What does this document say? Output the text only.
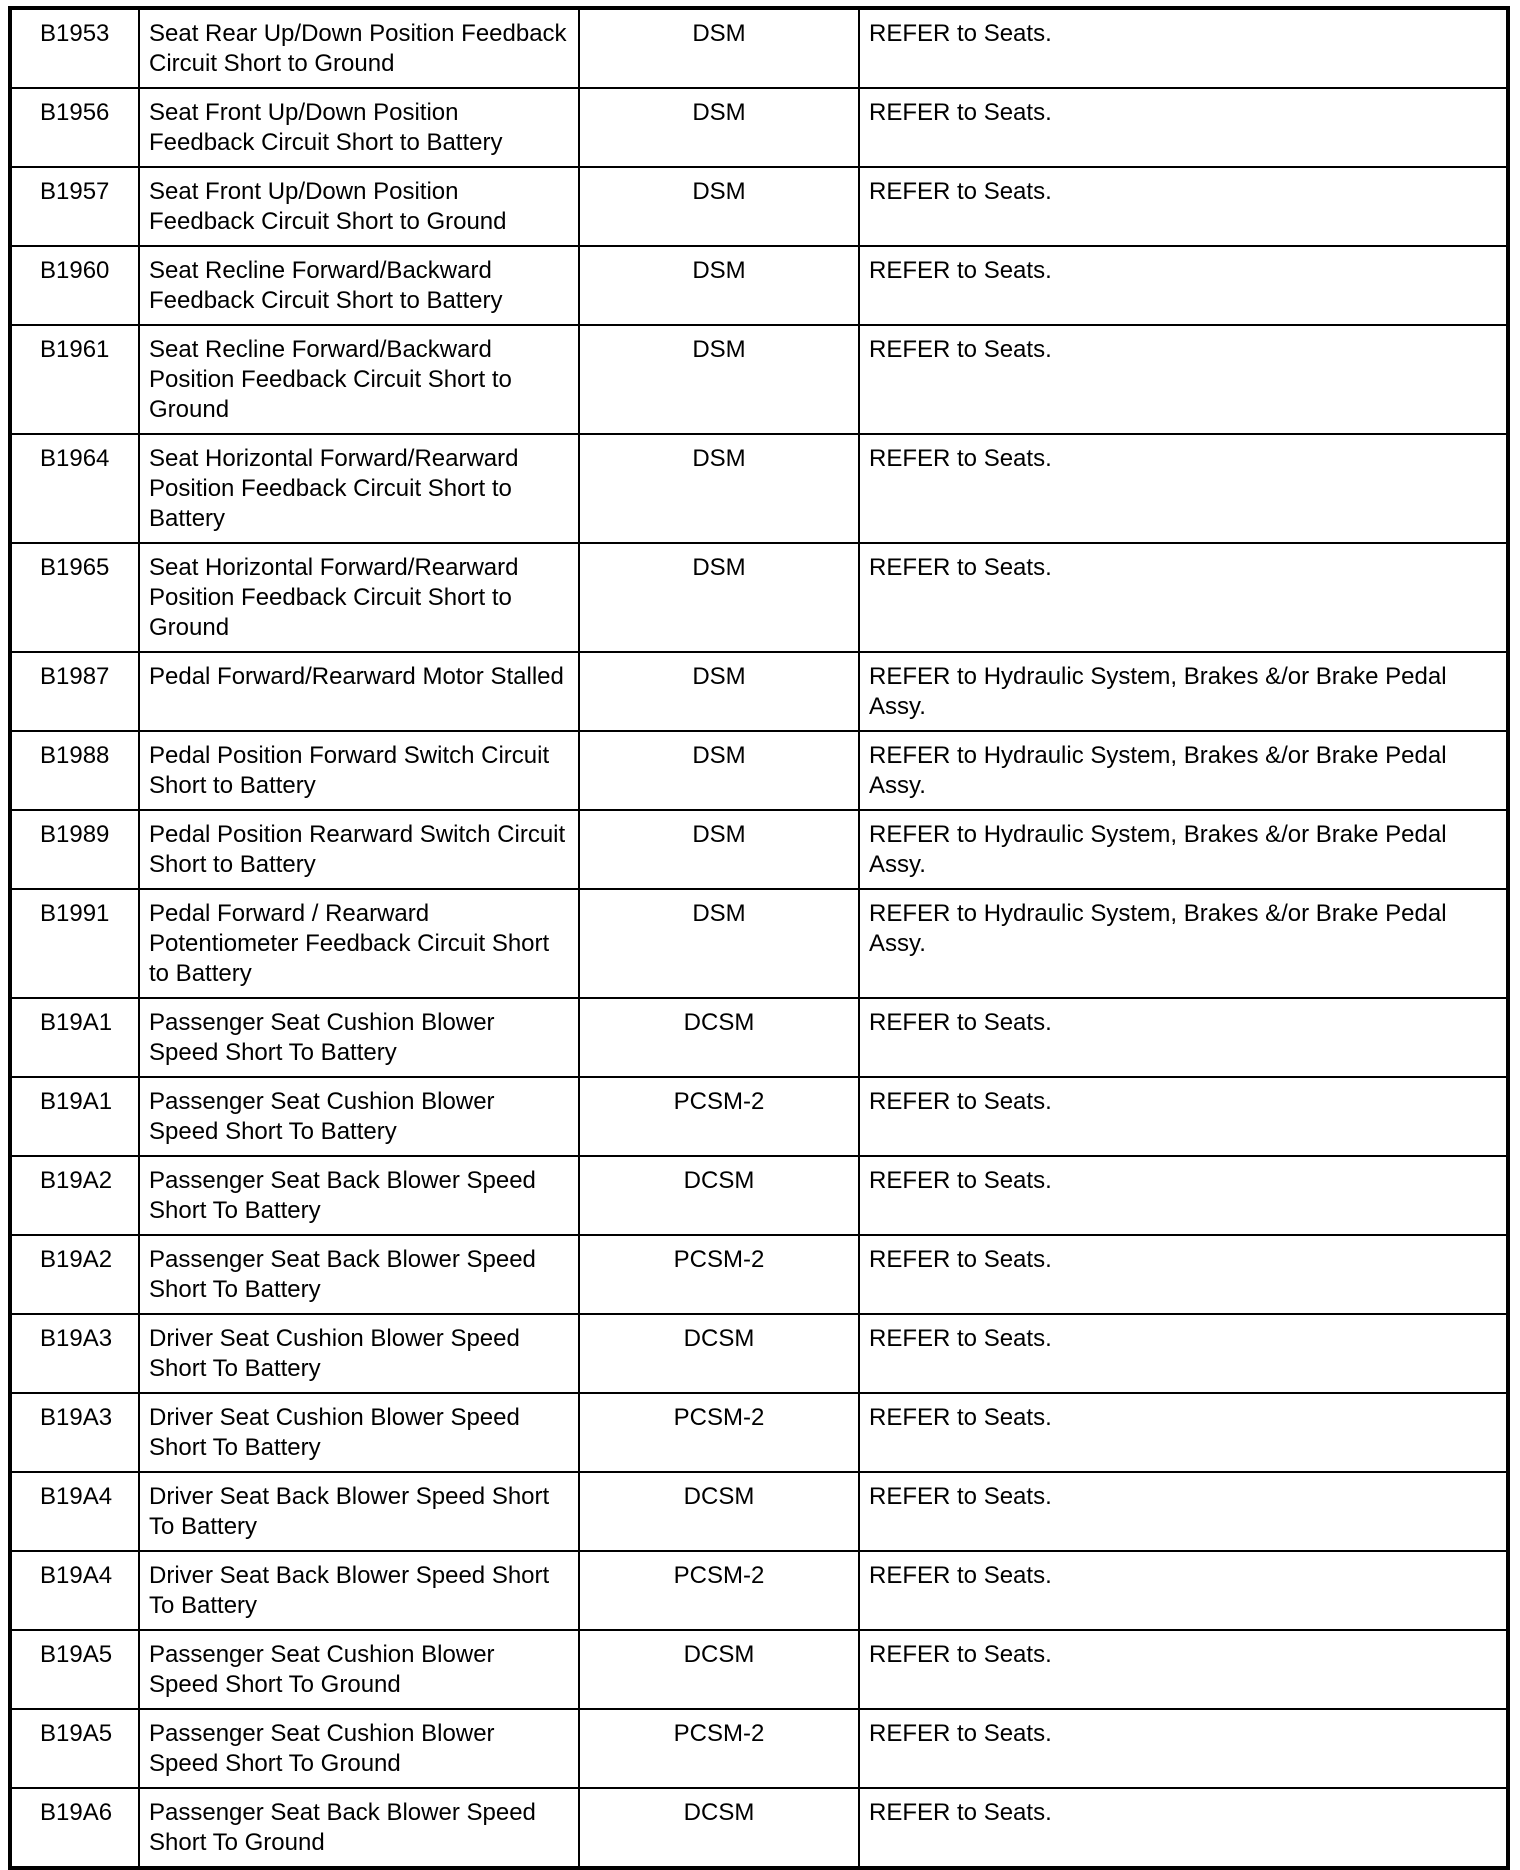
B1953	Seat Rear Up/Down Position Feedback Circuit Short to Ground	DSM	REFER to Seats.
B1956	Seat Front Up/Down Position Feedback Circuit Short to Battery	DSM	REFER to Seats.
B1957	Seat Front Up/Down Position Feedback Circuit Short to Ground	DSM	REFER to Seats.
B1960	Seat Recline Forward/Backward Feedback Circuit Short to Battery	DSM	REFER to Seats.
B1961	Seat Recline Forward/Backward Position Feedback Circuit Short to Ground	DSM	REFER to Seats.
B1964	Seat Horizontal Forward/Rearward Position Feedback Circuit Short to Battery	DSM	REFER to Seats.
B1965	Seat Horizontal Forward/Rearward Position Feedback Circuit Short to Ground	DSM	REFER to Seats.
B1987	Pedal Forward/Rearward Motor Stalled	DSM	REFER to Hydraulic System, Brakes &/or Brake Pedal Assy.
B1988	Pedal Position Forward Switch Circuit Short to Battery	DSM	REFER to Hydraulic System, Brakes &/or Brake Pedal Assy.
B1989	Pedal Position Rearward Switch Circuit Short to Battery	DSM	REFER to Hydraulic System, Brakes &/or Brake Pedal Assy.
B1991	Pedal Forward / Rearward Potentiometer Feedback Circuit Short to Battery	DSM	REFER to Hydraulic System, Brakes &/or Brake Pedal Assy.
B19A1	Passenger Seat Cushion Blower Speed Short To Battery	DCSM	REFER to Seats.
B19A1	Passenger Seat Cushion Blower Speed Short To Battery	PCSM-2	REFER to Seats.
B19A2	Passenger Seat Back Blower Speed Short To Battery	DCSM	REFER to Seats.
B19A2	Passenger Seat Back Blower Speed Short To Battery	PCSM-2	REFER to Seats.
B19A3	Driver Seat Cushion Blower Speed Short To Battery	DCSM	REFER to Seats.
B19A3	Driver Seat Cushion Blower Speed Short To Battery	PCSM-2	REFER to Seats.
B19A4	Driver Seat Back Blower Speed Short To Battery	DCSM	REFER to Seats.
B19A4	Driver Seat Back Blower Speed Short To Battery	PCSM-2	REFER to Seats.
B19A5	Passenger Seat Cushion Blower Speed Short To Ground	DCSM	REFER to Seats.
B19A5	Passenger Seat Cushion Blower Speed Short To Ground	PCSM-2	REFER to Seats.
B19A6	Passenger Seat Back Blower Speed Short To Ground	DCSM	REFER to Seats.
